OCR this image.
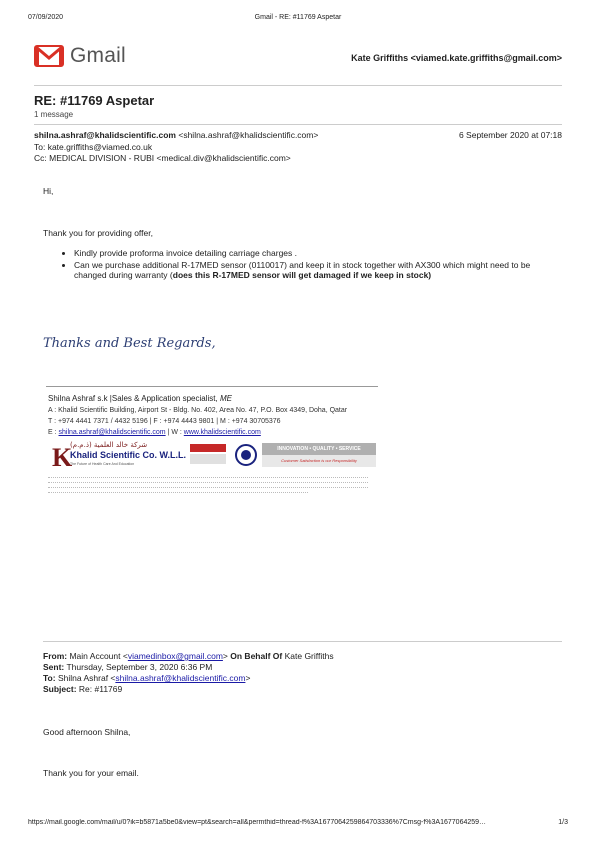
07/09/2020	Gmail - RE: #11769 Aspetar
Gmail	Kate Griffiths <viamed.kate.griffiths@gmail.com>
RE: #11769 Aspetar
1 message
shilna.ashraf@khalidscientific.com <shilna.ashraf@khalidscientific.com>	6 September 2020 at 07:18
To: kate.griffiths@viamed.co.uk
Cc: MEDICAL DIVISION - RUBI <medical.div@khalidscientific.com>
Hi,
Thank you for providing offer,
• Kindly provide proforma invoice detailing carriage charges .
• Can we purchase additional R-17MED sensor (0110017) and keep it in stock together with AX300 which might need to be changed during warranty (does this R-17MED sensor will get damaged if we keep in stock)
Thanks and Best Regards,
Shilna Ashraf s.k |Sales & Application specialist, ME
A : Khalid Scientific Building, Airport St - Bldg. No. 402, Area No. 47, P.O. Box 4349, Doha, Qatar
T : +974 4441 7371 / 4432 5196 | F : +974 4443 9801 | M : +974 30705376
E : shilna.ashraf@khalidscientific.com | W : www.khalidscientific.com
K
شركة خالد العلمية (ذ.م.م)
Khalid Scientific Co. W.L.L.
The Future of Health Care And Education
INNOVATION • QUALITY • SERVICE
Customer Satisfaction is our Responsibility
From: Main Account <viamedinbox@gmail.com> On Behalf Of Kate Griffiths
Sent: Thursday, September 3, 2020 6:36 PM
To: Shilna Ashraf <shilna.ashraf@khalidscientific.com>
Subject: Re: #11769
Good afternoon Shilna,
Thank you for your email.
https://mail.google.com/mail/u/0?ik=b5871a5be0&view=pt&search=all&permthid=thread-f%3A1677064259864703336%7Cmsg-f%3A1677064259…	1/3
